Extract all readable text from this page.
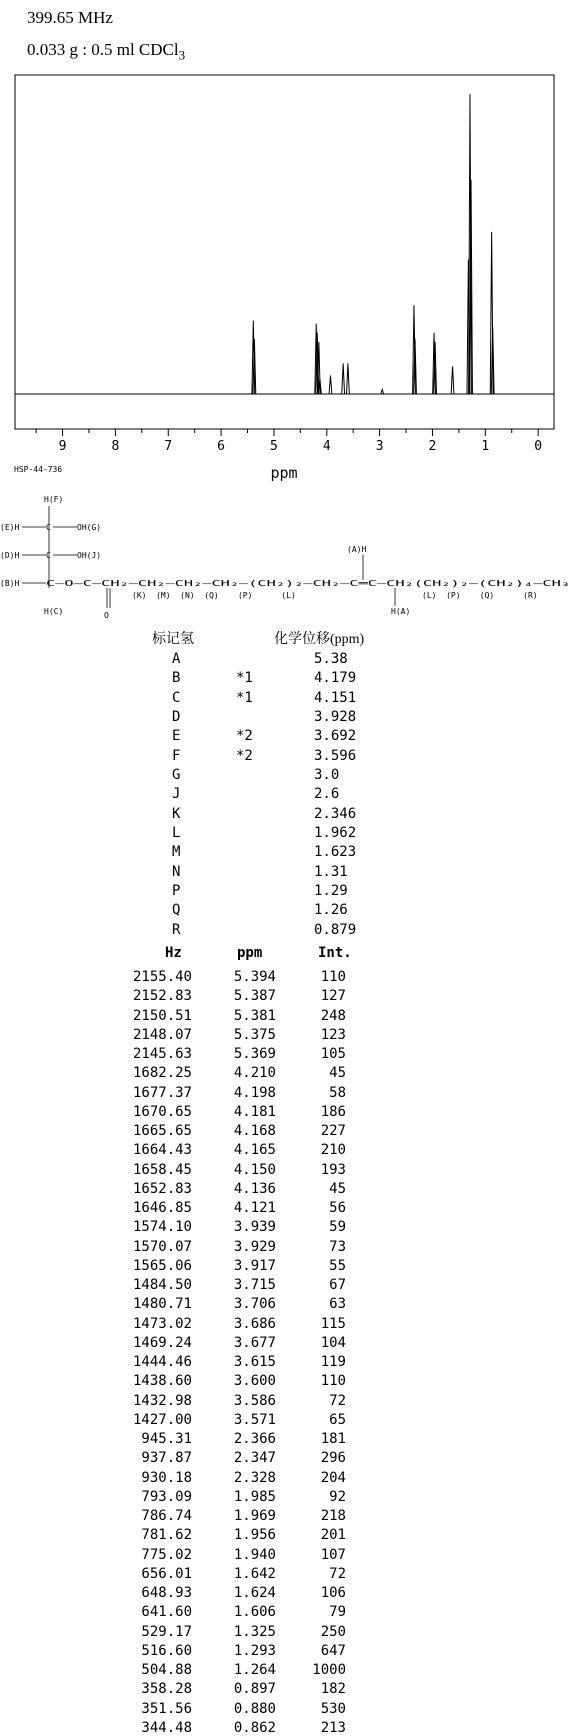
399.65 MHz
0.033 g : 0.5 ml CDCl$_3$
9	8	7	6	5	4	3	2	1	0
ppm
HSP-44-736
H(F)
(E)H	C	OH(G)
(D)H	C	OH(J)
(A)H
(B)H	C—O—C—CH₂—CH₂—CH₂—CH₂—(CH₂)₂—CH₂—C═C—CH₂(CH₂)₂—(CH₂)₄—CH₃
(K)  (M)  (N)  (Q)    (P)      (L)	(L)  (P)    (Q)      (R)
O
H(C)	H(A)
标记氢	化学位移(ppm)
A	5.38
B	*1	4.179
C	*1	4.151
D	3.928
E	*2	3.692
F	*2	3.596
G	3.0
J	2.6
K	2.346
L	1.962
M	1.623
N	1.31
P	1.29
Q	1.26
R	0.879
Hz	ppm	Int.
2155.40	5.394	110
2152.83	5.387	127
2150.51	5.381	248
2148.07	5.375	123
2145.63	5.369	105
1682.25	4.210	45
1677.37	4.198	58
1670.65	4.181	186
1665.65	4.168	227
1664.43	4.165	210
1658.45	4.150	193
1652.83	4.136	45
1646.85	4.121	56
1574.10	3.939	59
1570.07	3.929	73
1565.06	3.917	55
1484.50	3.715	67
1480.71	3.706	63
1473.02	3.686	115
1469.24	3.677	104
1444.46	3.615	119
1438.60	3.600	110
1432.98	3.586	72
1427.00	3.571	65
945.31	2.366	181
937.87	2.347	296
930.18	2.328	204
793.09	1.985	92
786.74	1.969	218
781.62	1.956	201
775.02	1.940	107
656.01	1.642	72
648.93	1.624	106
641.60	1.606	79
529.17	1.325	250
516.60	1.293	647
504.88	1.264	1000
358.28	0.897	182
351.56	0.880	530
344.48	0.862	213
